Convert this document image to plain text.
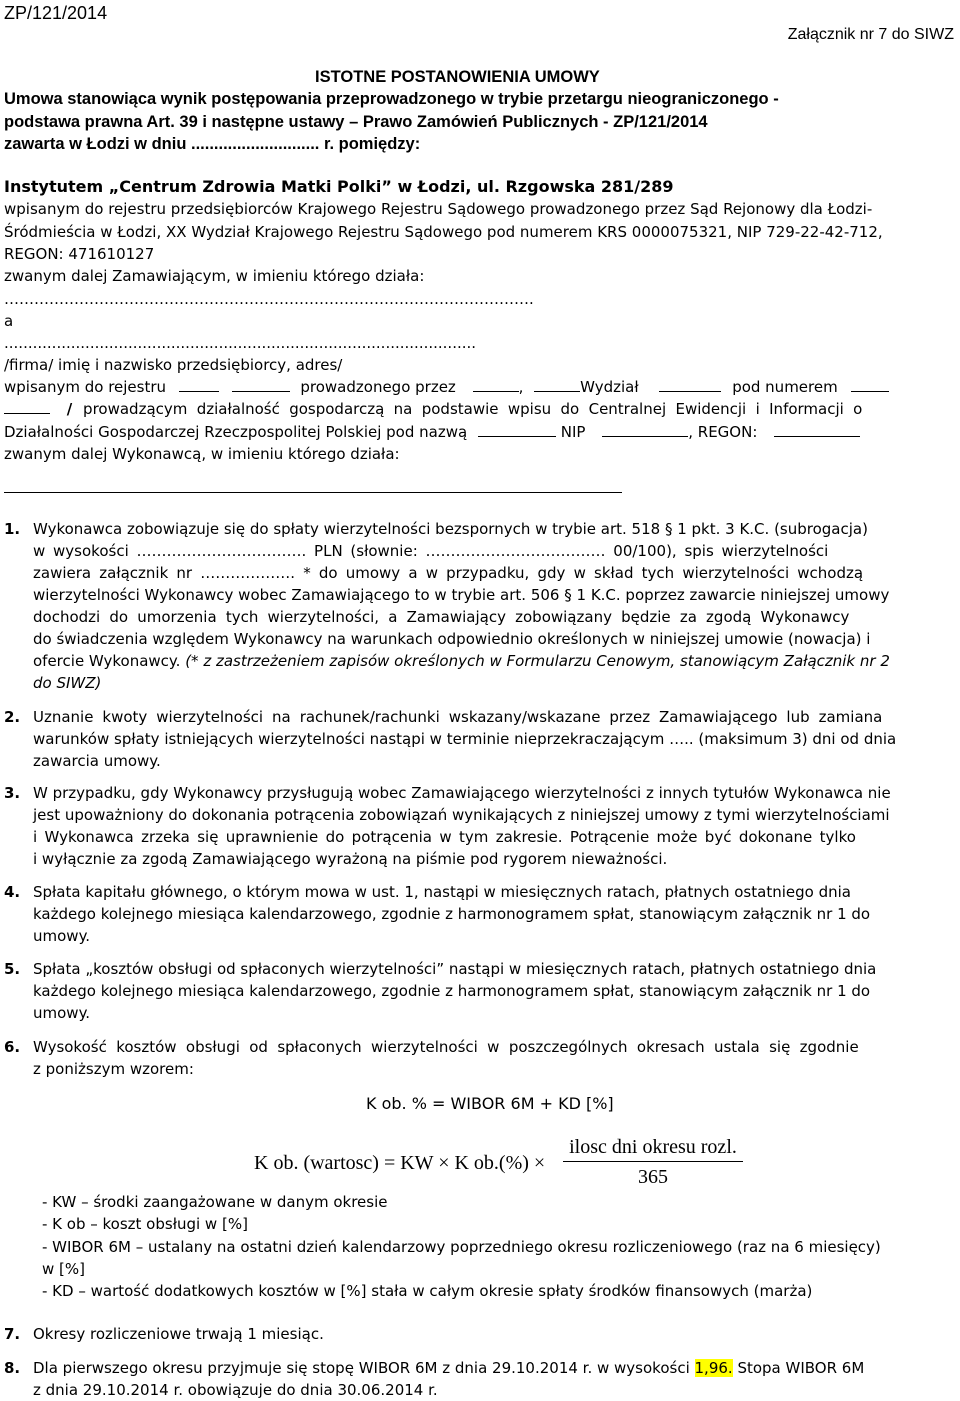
ZP/121/2014
Załącznik nr 7 do SIWZ
ISTOTNE POSTANOWIENIA UMOWY
Umowa stanowiąca wynik postępowania przeprowadzonego w trybie przetargu nieograniczonego -
podstawa prawna Art. 39 i następne ustawy – Prawo Zamówień Publicznych - ZP/121/2014
zawarta w Łodzi w dniu ............................ r. pomiędzy:
Instytutem „Centrum Zdrowia Matki Polki” w Łodzi, ul. Rzgowska 281/289
wpisanym do rejestru przedsiębiorców Krajowego Rejestru Sądowego prowadzonego przez Sąd Rejonowy dla Łodzi-
Śródmieścia w Łodzi, XX Wydział Krajowego Rejestru Sądowego pod numerem KRS 0000075321, NIP 729-22-42-712,
REGON: 471610127
zwanym dalej Zamawiającym, w imieniu którego działa:
…………………………………………………………………………………………….
a
...................................................................................................
/firma/ imię i nazwisko przedsiębiorcy, adres/
wpisanym do rejestru	prowadzonego przez	,	Wydział	pod numerem
/ prowadzącym działalność gospodarczą na podstawie wpisu do Centralnej Ewidencji i Informacji o
Działalności Gospodarczej Rzeczpospolitej Polskiej pod nazwą	NIP	, REGON:
zwanym dalej Wykonawcą, w imieniu którego działa:
1. Wykonawca zobowiązuje się do spłaty wierzytelności bezspornych w trybie art. 518 § 1 pkt. 3 K.C. (subrogacja)
w wysokości ……………………………. PLN (słownie: ……………………………… 00/100), spis wierzytelności
zawiera załącznik nr ………………. * do umowy a w przypadku, gdy w skład tych wierzytelności wchodzą
wierzytelności Wykonawcy wobec Zamawiającego to w trybie art. 506 § 1 K.C. poprzez zawarcie niniejszej umowy
dochodzi do umorzenia tych wierzytelności, a Zamawiający zobowiązany będzie za zgodą Wykonawcy
do świadczenia względem Wykonawcy na warunkach odpowiednio określonych w niniejszej umowie (nowacja) i
ofercie Wykonawcy. (* z zastrzeżeniem zapisów określonych w Formularzu Cenowym, stanowiącym Załącznik nr 2
do SIWZ)
2. Uznanie kwoty wierzytelności na rachunek/rachunki wskazany/wskazane przez Zamawiającego lub zamiana
warunków spłaty istniejących wierzytelności nastąpi w terminie nieprzekraczającym ….. (maksimum 3) dni od dnia
zawarcia umowy.
3. W przypadku, gdy Wykonawcy przysługują wobec Zamawiającego wierzytelności z innych tytułów Wykonawca nie
jest upoważniony do dokonania potrącenia zobowiązań wynikających z niniejszej umowy z tymi wierzytelnościami
i Wykonawca zrzeka się uprawnienie do potrącenia w tym zakresie. Potrącenie może być dokonane tylko
i wyłącznie za zgodą Zamawiającego wyrażoną na piśmie pod rygorem nieważności.
4. Spłata kapitału głównego, o którym mowa w ust. 1, nastąpi w miesięcznych ratach, płatnych ostatniego dnia
każdego kolejnego miesiąca kalendarzowego, zgodnie z harmonogramem spłat, stanowiącym załącznik nr 1 do
umowy.
5. Spłata „kosztów obsługi od spłaconych wierzytelności” nastąpi w miesięcznych ratach, płatnych ostatniego dnia
każdego kolejnego miesiąca kalendarzowego, zgodnie z harmonogramem spłat, stanowiącym załącznik nr 1 do
umowy.
6. Wysokość kosztów obsługi od spłaconych wierzytelności w poszczególnych okresach ustala się zgodnie
z poniższym wzorem:
K ob. % = WIBOR 6M + KD [%]
K ob. (wartosc) = KW × K ob.(%) ×
ilosc dni okresu rozl.
365
- KW – środki zaangażowane w danym okresie
- K ob – koszt obsługi w [%]
- WIBOR 6M – ustalany na ostatni dzień kalendarzowy poprzedniego okresu rozliczeniowego (raz na 6 miesięcy)
w [%]
- KD – wartość dodatkowych kosztów w [%] stała w całym okresie spłaty środków finansowych (marża)
7. Okresy rozliczeniowe trwają 1 miesiąc.
8. Dla pierwszego okresu przyjmuje się stopę WIBOR 6M z dnia 29.10.2014 r. w wysokości 1,96. Stopa WIBOR 6M
z dnia 29.10.2014 r. obowiązuje do dnia 30.06.2014 r.
